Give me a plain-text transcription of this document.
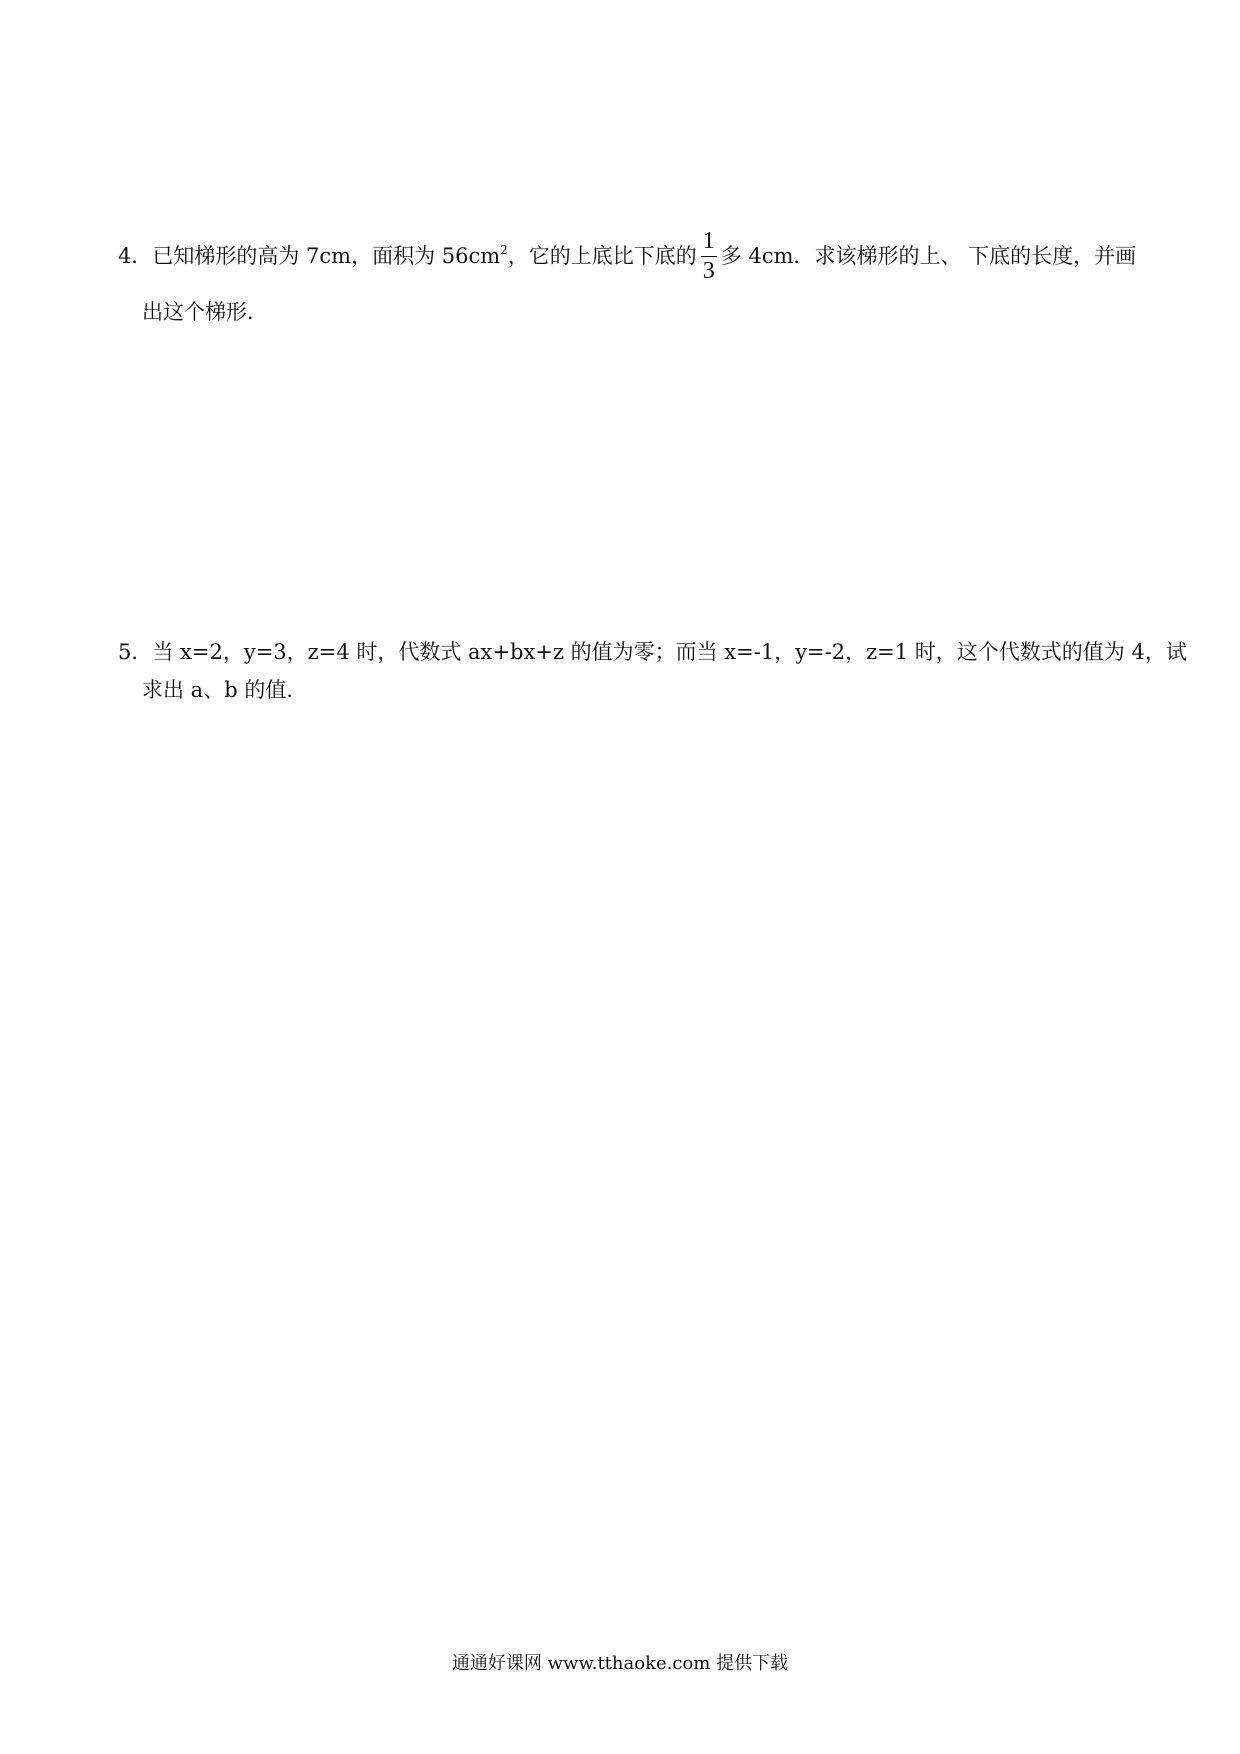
4．已知梯形的高为 7cm，面积为 $56cm^2$，它的上底比下底的 $\frac{1}{3}$ 多 4cm．求该梯形的上、 下底的长度，并画
出这个梯形．
5．当 x=2，y=3，z=4 时，代数式 ax+bx+z 的值为零；而当 x=-1，y=-2，z=1 时，这个代数式的值为 4，试
求出 a、b 的值．
通通好课网 www.tthaoke.com 提供下载
